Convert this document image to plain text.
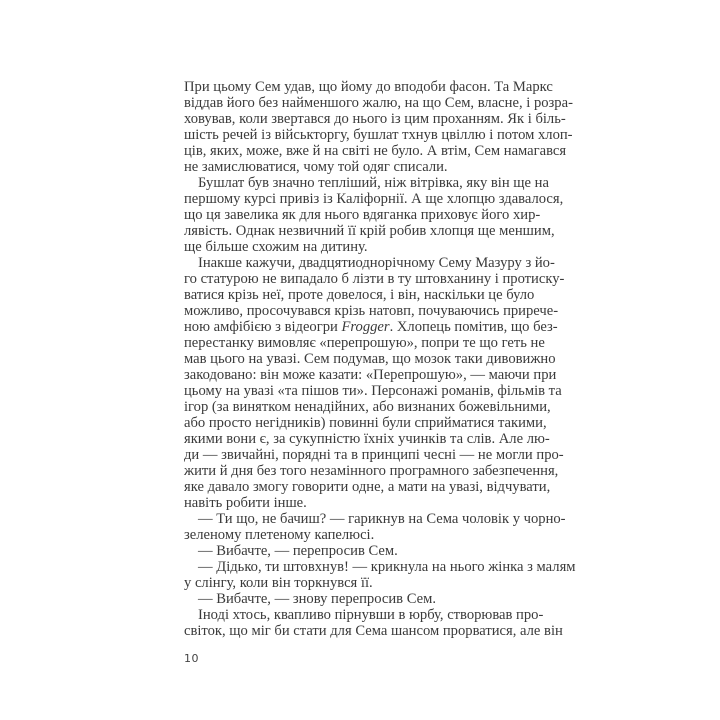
При цьому Сем удав, що йому до вподоби фасон. Та Маркс
віддав його без найменшого жалю, на що Сем, власне, і розра-
ховував, коли звертався до нього із цим проханням. Як і біль-
шість речей із військторгу, бушлат тхнув цвіллю і потом хлоп-
ців, яких, може, вже й на світі не було. А втім, Сем намагався
не замислюватися, чому той одяг списали.
Бушлат був значно тепліший, ніж вітрівка, яку він ще на
першому курсі привіз із Каліфорнії. А ще хлопцю здавалося,
що ця завелика як для нього вдяганка приховує його хир-
лявість. Однак незвичний її крій робив хлопця ще меншим,
ще більше схожим на дитину.
Інакше кажучи, двадцятиоднорічному Сему Мазуру з йо-
го статурою не випадало б лізти в ту штовханину і протиску-
ватися крізь неї, проте довелося, і він, наскільки це було
можливо, просочувався крізь натовп, почуваючись прирече-
ною амфібією з відеогри Frogger. Хлопець помітив, що без-
перестанку вимовляє «перепрошую», попри те що геть не
мав цього на увазі. Сем подумав, що мозок таки дивовижно
закодовано: він може казати: «Перепрошую», — маючи при
цьому на увазі «та пішов ти». Персонажі романів, фільмів та
ігор (за винятком ненадійних, або визнаних божевільними,
або просто негідників) повинні були сприйматися такими,
якими вони є, за сукупністю їхніх учинків та слів. Але лю-
ди — звичайні, порядні та в принципі чесні — не могли про-
жити й дня без того незамінного програмного забезпечення,
яке давало змогу говорити одне, а мати на увазі, відчувати,
навіть робити інше.
— Ти що, не бачиш? — гарикнув на Сема чоловік у чорно-
зеленому плетеному капелюсі.
— Вибачте, — перепросив Сем.
— Дідько, ти штовхнув! — крикнула на нього жінка з малям
у слінгу, коли він торкнувся її.
— Вибачте, — знову перепросив Сем.
Іноді хтось, квапливо пірнувши в юрбу, створював про-
світок, що міг би стати для Сема шансом прорватися, але він
10
